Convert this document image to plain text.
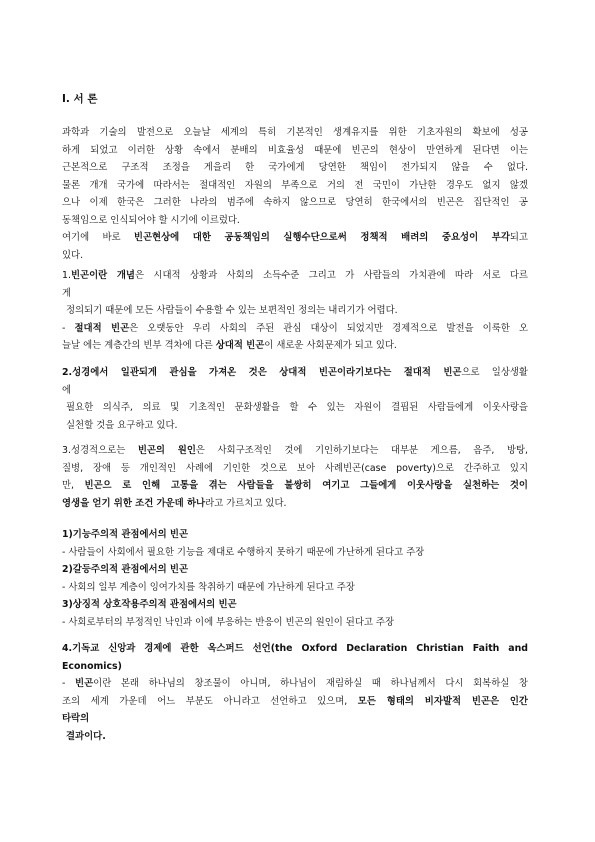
Ⅰ. 서 론
과학과 기술의 발전으로 오늘날 세계의 특히 기본적인 생계유지를 위한 기초자원의 확보에 성공
하게 되었고 이러한 상황 속에서 분배의 비효율성 때문에 빈곤의 현상이 만연하게 된다면 이는
근본적으로 구조적 조정을 게을리 한 국가에게 당연한 책임이 전가되지 않을 수 없다.
물론 개개 국가에 따라서는 절대적인 자원의 부족으로 거의 전 국민이 가난한 경우도 없지 않겠
으나 이제 한국은 그러한 나라의 범주에 속하지 않으므로 당연히 한국에서의 빈곤은 집단적인 공
동책임으로 인식되어야 할 시기에 이르렀다.
여기에 바로 빈곤현상에 대한 공동책임의 실행수단으로써 정책적 배려의 중요성이 부각되고
있다.
1.빈곤이란 개념은 시대적 상황과 사회의 소득수준 그리고 가 사람들의 가치관에 따라 서로 다르
게
정의되기 때문에 모든 사람들이 수용할 수 있는 보편적인 정의는 내리기가 어렵다.
- 절대적 빈곤은 오랫동안 우리 사회의 주된 관심 대상이 되었지만 경제적으로 발전을 이룩한 오
늘날 에는 계층간의 빈부 격차에 다른 상대적 빈곤이 새로운 사회문제가 되고 있다.
2.성경에서 일관되게 관심을 가져온 것은 상대적 빈곤이라기보다는 절대적 빈곤으로 일상생활
에
필요한 의식주, 의료 및 기초적인 문화생활을 할 수 있는 자원이 결핍된 사람들에게 이웃사랑을
실천할 것을 요구하고 있다.
3.성경적으로는 빈곤의 원인은 사회구조적인 것에 기인하기보다는 대부분 게으름, 음주, 방탕,
질병, 장애 등 개인적인 사례에 기인한 것으로 보아 사례빈곤(case poverty)으로 간주하고 있지
만, 빈곤으 로 인해 고통을 겪는 사람들을 불쌍히 여기고 그들에게 이웃사랑을 실천하는 것이
영생을 얻기 위한 조건 가운데 하나라고 가르치고 있다.
1)기능주의적 관점에서의 빈곤
- 사람들이 사회에서 필요한 기능을 제대로 수행하지 못하기 때문에 가난하게 된다고 주장
2)갈등주의적 관점에서의 빈곤
- 사회의 일부 계층이 잉여가치를 착취하기 때문에 가난하게 된다고 주장
3)상징적 상호작용주의적 관점에서의 빈곤
- 사회로부터의 부정적인 낙인과 이에 부응하는 반응이 빈곤의 원인이 된다고 주장
4.기독교 신앙과 경제에 관한 옥스퍼드 선언(the Oxford Declaration Christian Faith and
Economics)
- 빈곤이란 본래 하나님의 창조물이 아니며, 하나님이 재림하실 때 하나님께서 다시 회복하실 창
조의 세계 가운데 어느 부분도 아니라고 선언하고 있으며, 모든 형태의 비자발적 빈곤은 인간
타락의
결과이다.
